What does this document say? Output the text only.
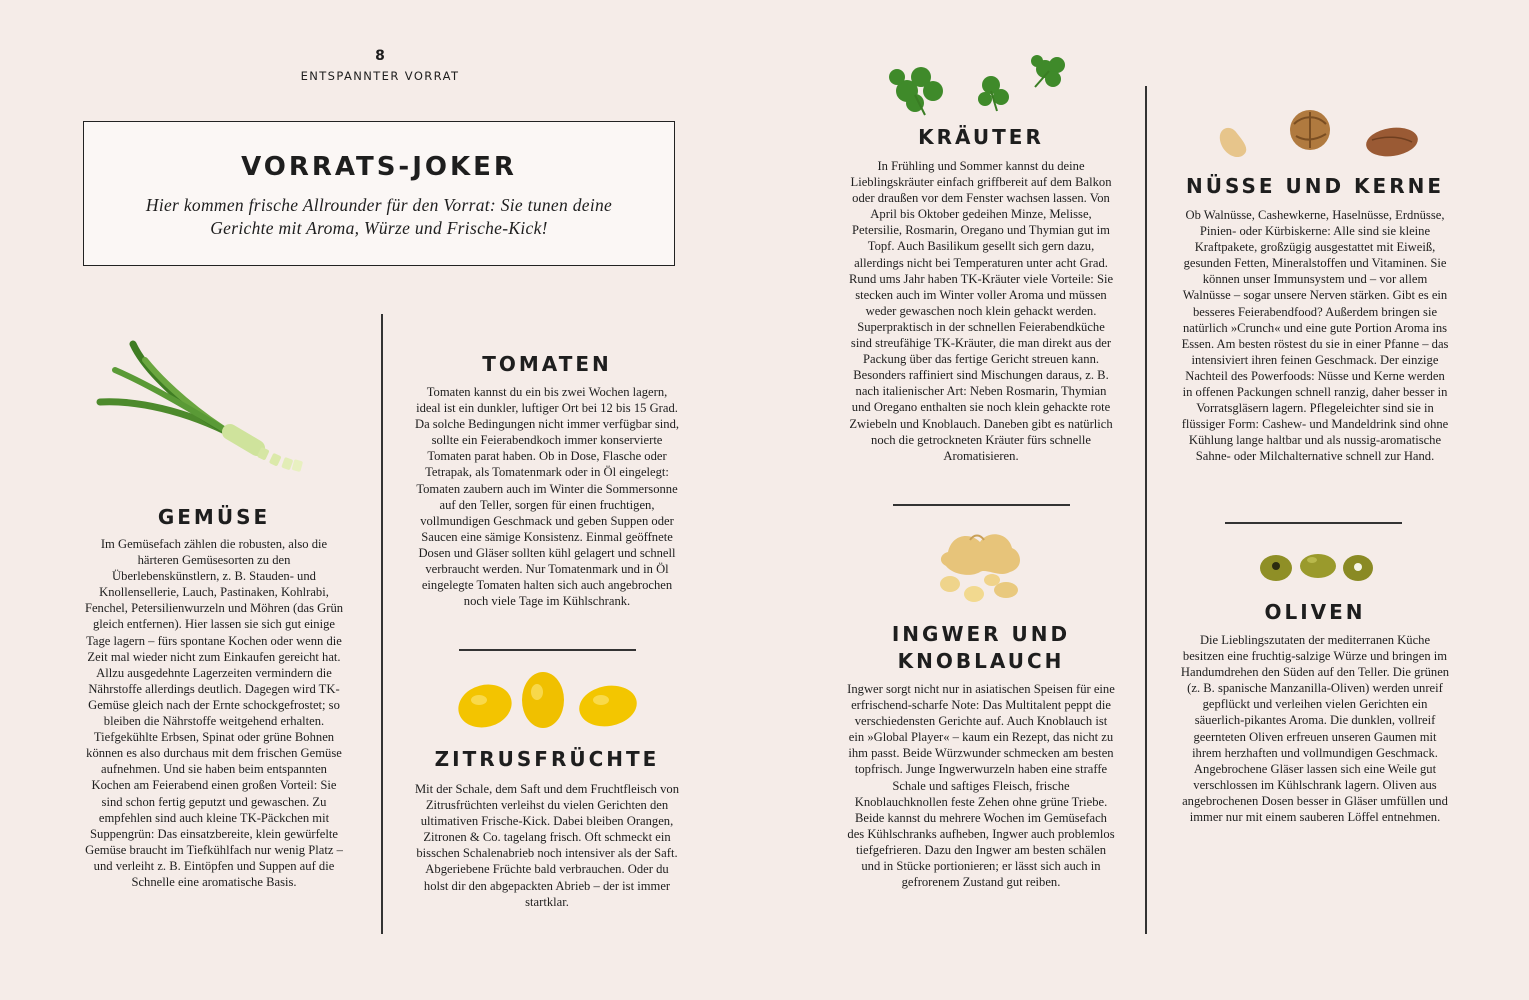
8
ENTSPANNTER VORRAT
VORRATS-JOKER

Hier kommen frische Allrounder für den Vorrat: Sie tunen deine Gerichte mit Aroma, Würze und Frische-Kick!

GEMÜSE

Im Gemüsefach zählen die robusten, also die härteren Gemüsesorten zu den Überlebenskünstlern, z. B. Stauden- und Knollensellerie, Lauch, Pastinaken, Kohlrabi, Fenchel, Petersilienwurzeln und Möhren (das Grün gleich entfernen). Hier lassen sie sich gut einige Tage lagern – fürs spontane Kochen oder wenn die Zeit mal wieder nicht zum Einkaufen gereicht hat. Allzu ausgedehnte Lagerzeiten vermindern die Nährstoffe allerdings deutlich. Dagegen wird TK-Gemüse gleich nach der Ernte schockgefrostet; so bleiben die Nährstoffe weitgehend erhalten. Tiefgekühlte Erbsen, Spinat oder grüne Bohnen können es also durchaus mit dem frischen Gemüse aufnehmen. Und sie haben beim entspannten Kochen am Feierabend einen großen Vorteil: Sie sind schon fertig geputzt und gewaschen. Zu empfehlen sind auch kleine TK-Päckchen mit Suppengrün: Das einsatzbereite, klein gewürfelte Gemüse braucht im Tiefkühlfach nur wenig Platz – und verleiht z. B. Eintöpfen und Suppen auf die Schnelle eine aromatische Basis.

TOMATEN

Tomaten kannst du ein bis zwei Wochen lagern, ideal ist ein dunkler, luftiger Ort bei 12 bis 15 Grad. Da solche Bedingungen nicht immer verfügbar sind, sollte ein Feierabendkoch immer konservierte Tomaten parat haben. Ob in Dose, Flasche oder Tetrapak, als Tomatenmark oder in Öl eingelegt: Tomaten zaubern auch im Winter die Sommersonne auf den Teller, sorgen für einen fruchtigen, vollmundigen Geschmack und geben Suppen oder Saucen eine sämige Konsistenz. Einmal geöffnete Dosen und Gläser sollten kühl gelagert und schnell verbraucht werden. Nur Tomatenmark und in Öl eingelegte Tomaten halten sich auch angebrochen noch viele Tage im Kühlschrank.

ZITRUSFRÜCHTE

Mit der Schale, dem Saft und dem Fruchtfleisch von Zitrusfrüchten verleihst du vielen Gerichten den ultimativen Frische-Kick. Dabei bleiben Orangen, Zitronen & Co. tagelang frisch. Oft schmeckt ein bisschen Schalenabrieb noch intensiver als der Saft. Abgeriebene Früchte bald verbrauchen. Oder du holst dir den abgepackten Abrieb – der ist immer startklar.

KRÄUTER

In Frühling und Sommer kannst du deine Lieblingskräuter einfach griffbereit auf dem Balkon oder draußen vor dem Fenster wachsen lassen. Von April bis Oktober gedeihen Minze, Melisse, Petersilie, Rosmarin, Oregano und Thymian gut im Topf. Auch Basilikum gesellt sich gern dazu, allerdings nicht bei Temperaturen unter acht Grad. Rund ums Jahr haben TK-Kräuter viele Vorteile: Sie stecken auch im Winter voller Aroma und müssen weder gewaschen noch klein gehackt werden. Superpraktisch in der schnellen Feierabendküche sind streufähige TK-Kräuter, die man direkt aus der Packung über das fertige Gericht streuen kann. Besonders raffiniert sind Mischungen daraus, z. B. nach italienischer Art: Neben Rosmarin, Thymian und Oregano enthalten sie noch klein gehackte rote Zwiebeln und Knoblauch. Daneben gibt es natürlich noch die getrockneten Kräuter fürs schnelle Aromatisieren.

INGWER UND
KNOBLAUCH

Ingwer sorgt nicht nur in asiatischen Speisen für eine erfrischend-scharfe Note: Das Multitalent peppt die verschiedensten Gerichte auf. Auch Knoblauch ist ein »Global Player« – kaum ein Rezept, das nicht zu ihm passt. Beide Würzwunder schmecken am besten topfrisch. Junge Ingwerwurzeln haben eine straffe Schale und saftiges Fleisch, frische Knoblauchknollen feste Zehen ohne grüne Triebe. Beide kannst du mehrere Wochen im Gemüsefach des Kühlschranks aufheben, Ingwer auch problemlos tiefgefrieren. Dazu den Ingwer am besten schälen und in Stücke portionieren; er lässt sich auch in gefrorenem Zustand gut reiben.

NÜSSE UND KERNE

Ob Walnüsse, Cashewkerne, Haselnüsse, Erdnüsse, Pinien- oder Kürbiskerne: Alle sind sie kleine Kraftpakete, großzügig ausgestattet mit Eiweiß, gesunden Fetten, Mineralstoffen und Vitaminen. Sie können unser Immunsystem und – vor allem Walnüsse – sogar unsere Nerven stärken. Gibt es ein besseres Feierabendfood? Außerdem bringen sie natürlich »Crunch« und eine gute Portion Aroma ins Essen. Am besten röstest du sie in einer Pfanne – das intensiviert ihren feinen Geschmack. Der einzige Nachteil des Powerfoods: Nüsse und Kerne werden in offenen Packungen schnell ranzig, daher besser in Vorratsgläsern lagern. Pflegeleichter sind sie in flüssiger Form: Cashew- und Mandeldrink sind ohne Kühlung lange haltbar und als nussig-aromatische Sahne- oder Milchalternative schnell zur Hand.

OLIVEN

Die Lieblingszutaten der mediterranen Küche besitzen eine fruchtig-salzige Würze und bringen im Handumdrehen den Süden auf den Teller. Die grünen (z. B. spanische Manzanilla-Oliven) werden unreif gepflückt und verleihen vielen Gerichten ein säuerlich-pikantes Aroma. Die dunklen, vollreif geernteten Oliven erfreuen unseren Gaumen mit ihrem herzhaften und vollmundigen Geschmack. Angebrochene Gläser lassen sich eine Weile gut verschlossen im Kühlschrank lagern. Oliven aus angebrochenen Dosen besser in Gläser umfüllen und immer nur mit einem sauberen Löffel entnehmen.
